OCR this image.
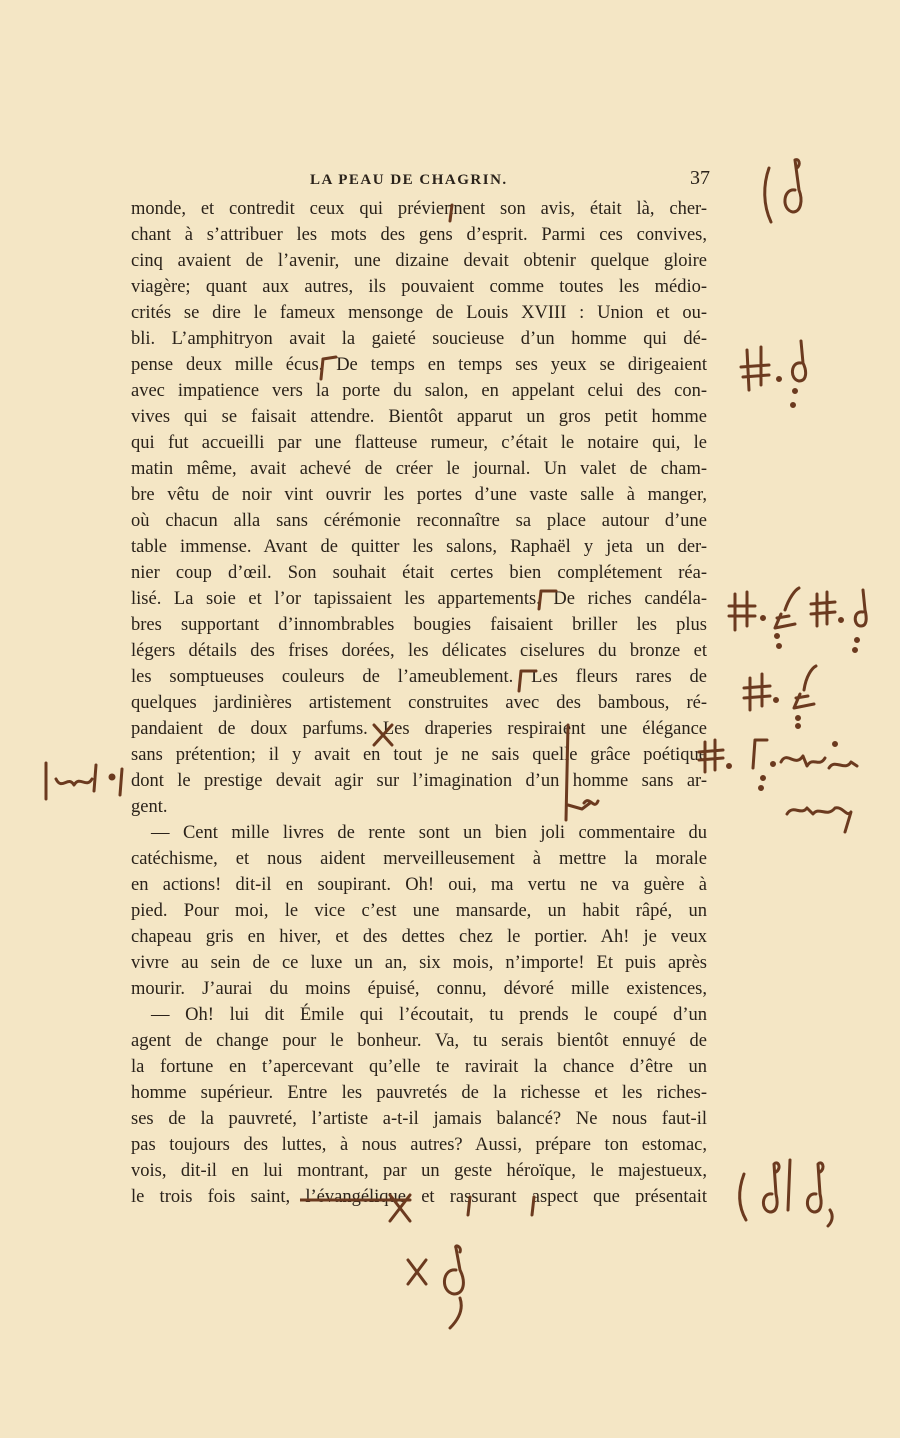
LA PEAU DE CHAGRIN.	37
monde, et contredit ceux qui préviennent son avis, était là, cher-
chant à s’attribuer les mots des gens d’esprit. Parmi ces convives,
cinq avaient de l’avenir, une dizaine devait obtenir quelque gloire
viagère; quant aux autres, ils pouvaient comme toutes les médio-
crités se dire le fameux mensonge de Louis XVIII : Union et ou-
bli. L’amphitryon avait la gaieté soucieuse d’un homme qui dé-
pense deux mille écus. De temps en temps ses yeux se dirigeaient
avec impatience vers la porte du salon, en appelant celui des con-
vives qui se faisait attendre. Bientôt apparut un gros petit homme
qui fut accueilli par une flatteuse rumeur, c’était le notaire qui, le
matin même, avait achevé de créer le journal. Un valet de cham-
bre vêtu de noir vint ouvrir les portes d’une vaste salle à manger,
où chacun alla sans cérémonie reconnaître sa place autour d’une
table immense. Avant de quitter les salons, Raphaël y jeta un der-
nier coup d’œil. Son souhait était certes bien complétement réa-
lisé. La soie et l’or tapissaient les appartements. De riches candéla-
bres supportant d’innombrables bougies faisaient briller les plus
légers détails des frises dorées, les délicates ciselures du bronze et
les somptueuses couleurs de l’ameublement. Les fleurs rares de
quelques jardinières artistement construites avec des bambous, ré-
pandaient de doux parfums. Les draperies respiraient une élégance
sans prétention; il y avait en tout je ne sais quelle grâce poétique
dont le prestige devait agir sur l’imagination d’un homme sans ar-
gent.
— Cent mille livres de rente sont un bien joli commentaire du
catéchisme, et nous aident merveilleusement à mettre la morale
en actions! dit-il en soupirant. Oh! oui, ma vertu ne va guère à
pied. Pour moi, le vice c’est une mansarde, un habit râpé, un
chapeau gris en hiver, et des dettes chez le portier. Ah! je veux
vivre au sein de ce luxe un an, six mois, n’importe! Et puis après
mourir. J’aurai du moins épuisé, connu, dévoré mille existences,
— Oh! lui dit Émile qui l’écoutait, tu prends le coupé d’un
agent de change pour le bonheur. Va, tu serais bientôt ennuyé de
la fortune en t’apercevant qu’elle te ravirait la chance d’être un
homme supérieur. Entre les pauvretés de la richesse et les riches-
ses de la pauvreté, l’artiste a-t-il jamais balancé? Ne nous faut-il
pas toujours des luttes, à nous autres? Aussi, prépare ton estomac,
vois, dit-il en lui montrant, par un geste héroïque, le majestueux,
le trois fois saint, l’évangélique et rassurant aspect que présentait
